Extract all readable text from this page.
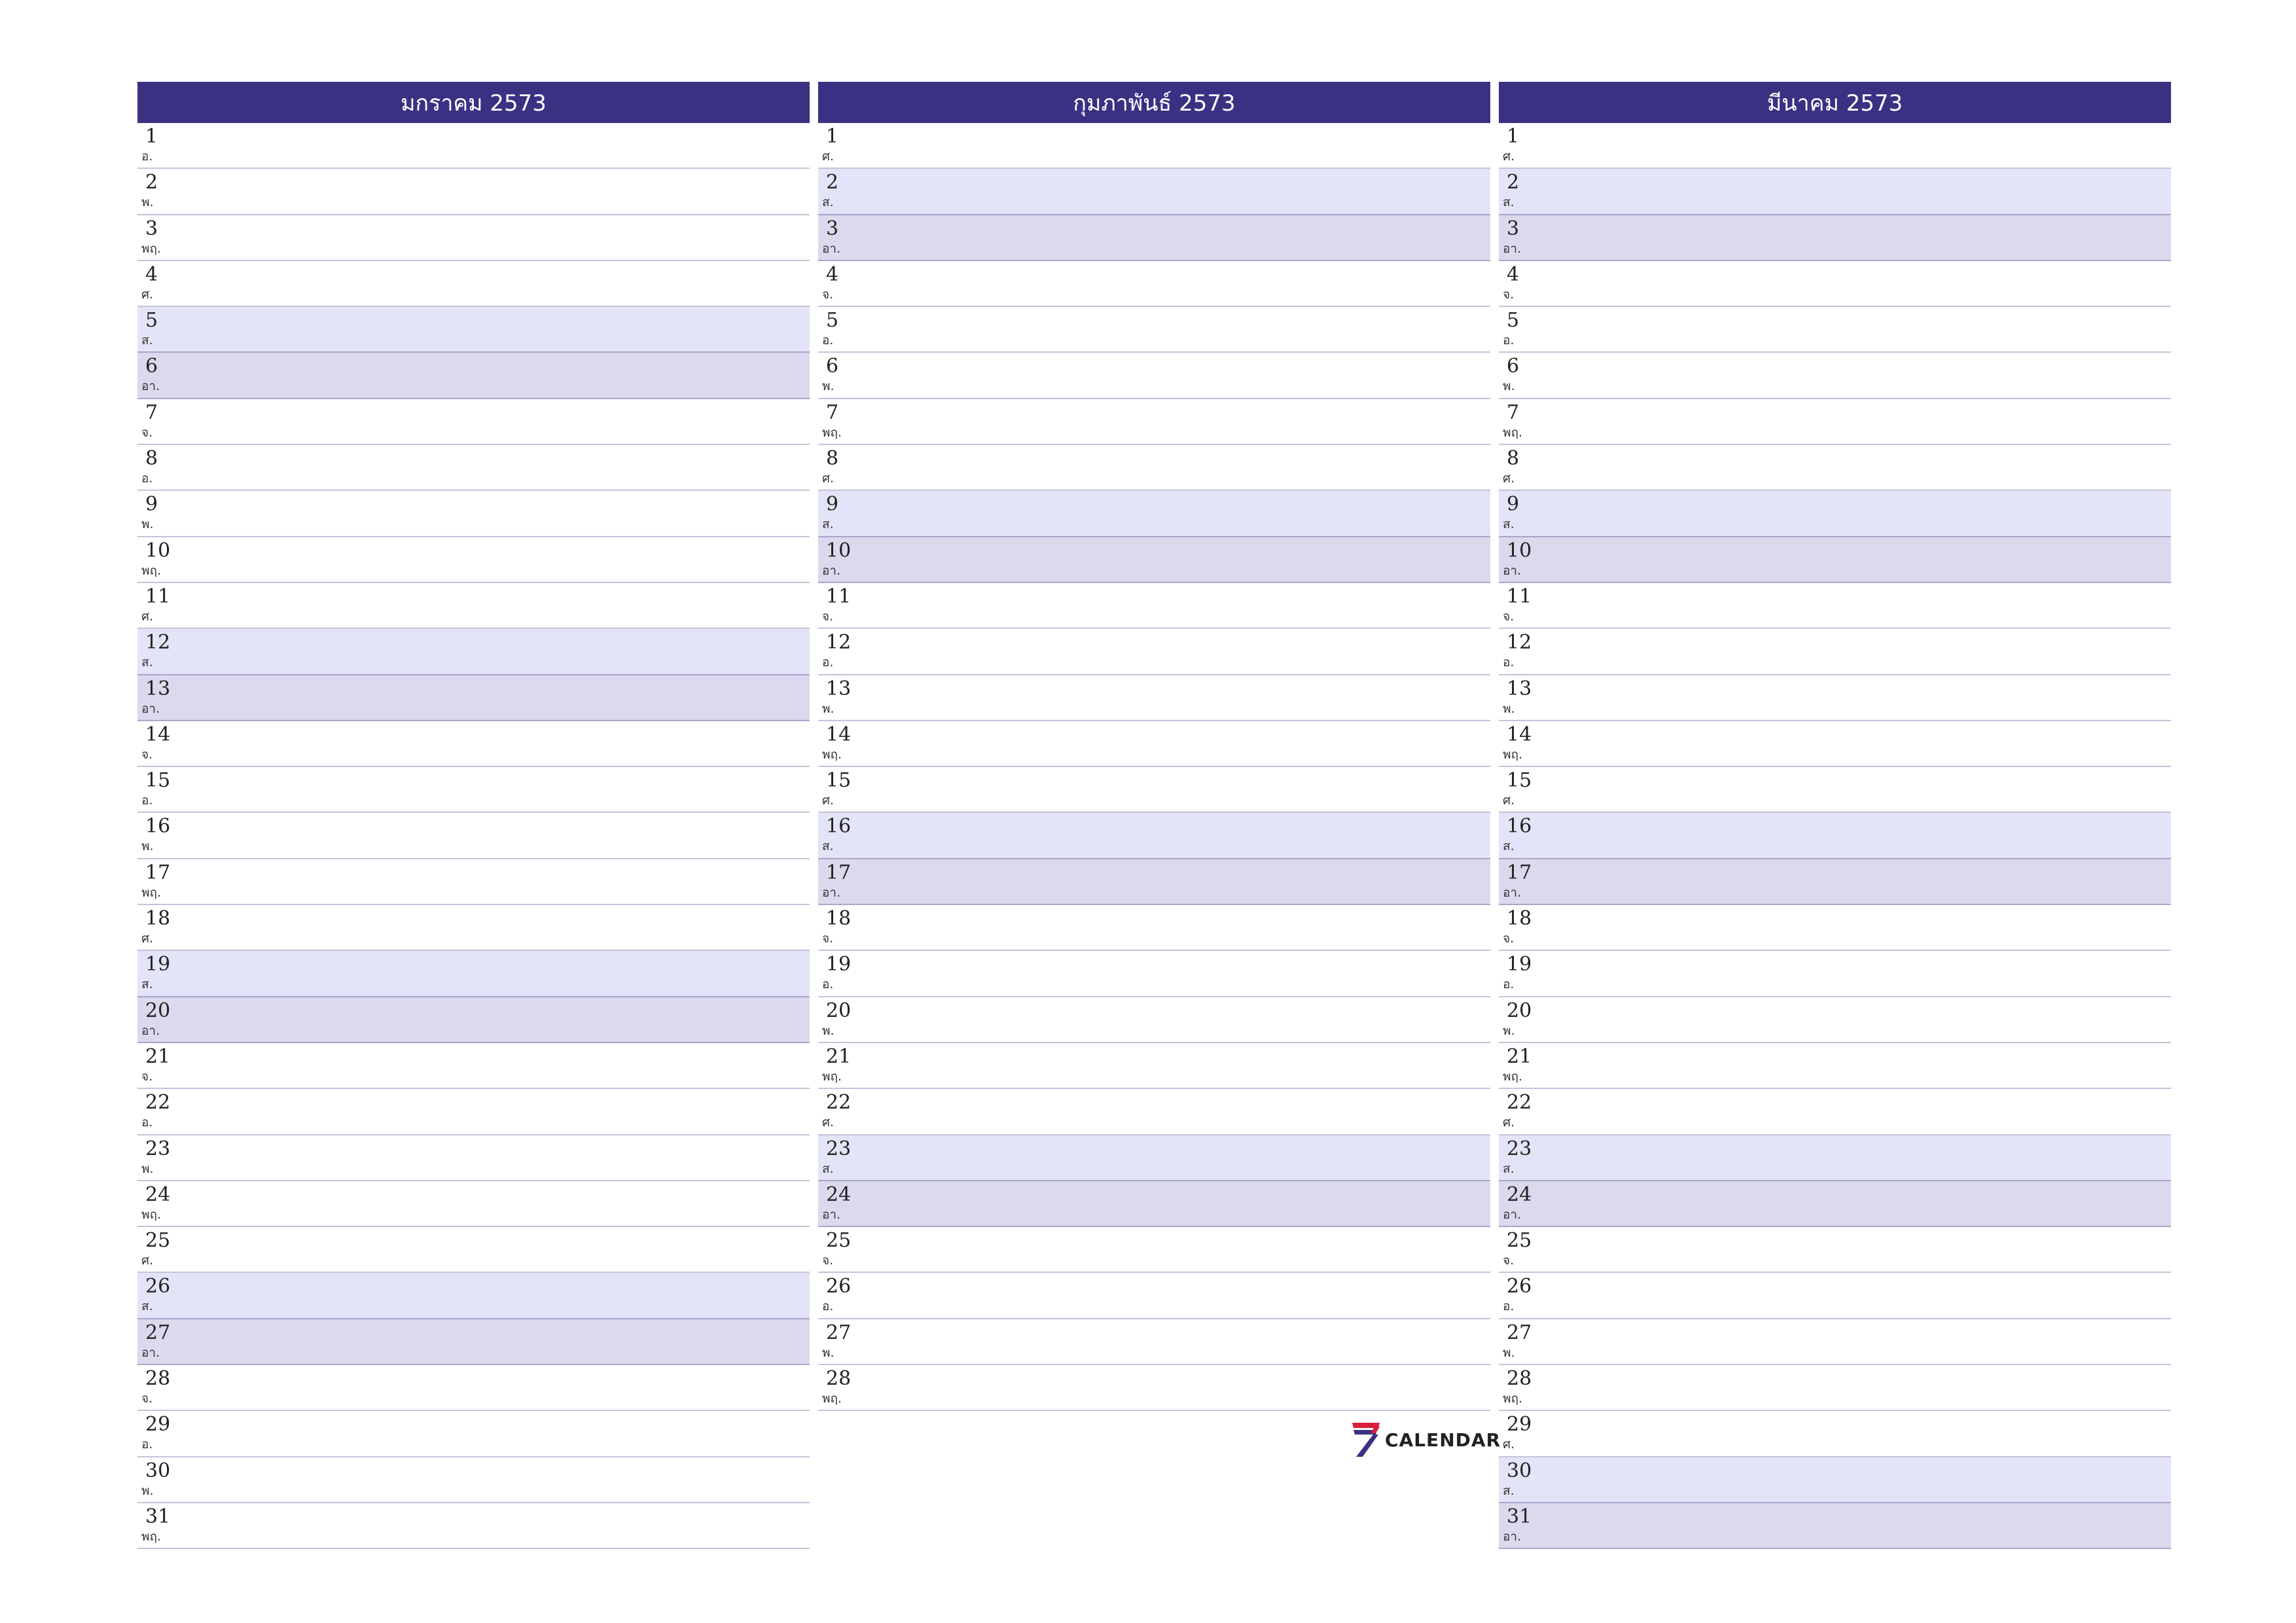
มกราคม 2573
1
อ.
2
พ.
3
พฤ.
4
ศ.
5
ส.
6
อา.
7
จ.
8
อ.
9
พ.
10
พฤ.
11
ศ.
12
ส.
13
อา.
14
จ.
15
อ.
16
พ.
17
พฤ.
18
ศ.
19
ส.
20
อา.
21
จ.
22
อ.
23
พ.
24
พฤ.
25
ศ.
26
ส.
27
อา.
28
จ.
29
อ.
30
พ.
31
พฤ.
กุมภาพันธ์ 2573
1
ศ.
2
ส.
3
อา.
4
จ.
5
อ.
6
พ.
7
พฤ.
8
ศ.
9
ส.
10
อา.
11
จ.
12
อ.
13
พ.
14
พฤ.
15
ศ.
16
ส.
17
อา.
18
จ.
19
อ.
20
พ.
21
พฤ.
22
ศ.
23
ส.
24
อา.
25
จ.
26
อ.
27
พ.
28
พฤ.
มีนาคม 2573
1
ศ.
2
ส.
3
อา.
4
จ.
5
อ.
6
พ.
7
พฤ.
8
ศ.
9
ส.
10
อา.
11
จ.
12
อ.
13
พ.
14
พฤ.
15
ศ.
16
ส.
17
อา.
18
จ.
19
อ.
20
พ.
21
พฤ.
22
ศ.
23
ส.
24
อา.
25
จ.
26
อ.
27
พ.
28
พฤ.
29
ศ.
30
ส.
31
อา.
CALENDAR
